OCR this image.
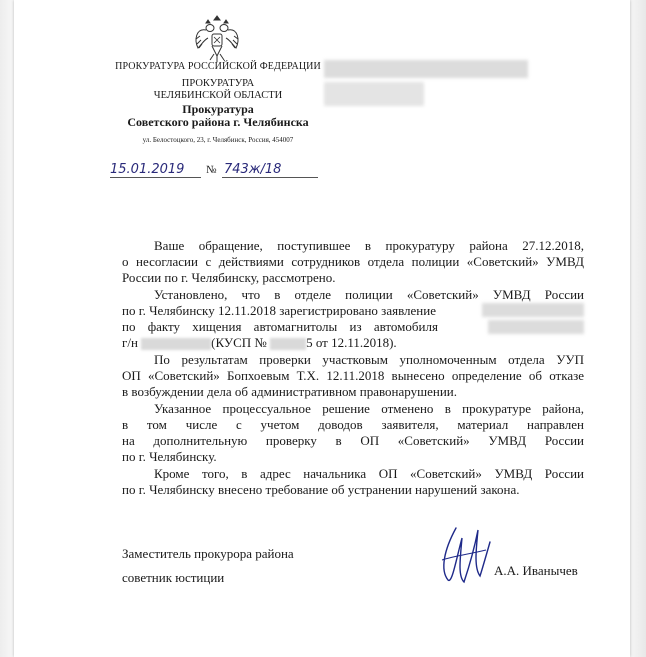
ПРОКУРАТУРА РОССИЙСКОЙ ФЕДЕРАЦИИ
ПРОКУРАТУРА
ЧЕЛЯБИНСКОЙ ОБЛАСТИ
Прокуратура
Советского района г. Челябинска
ул. Белостоцкого, 23, г. Челябинск, Россия, 454007
15.01.2019 № 743ж/18
Ваше обращение, поступившее в прокуратуру района 27.12.2018,
о несогласии с действиями сотрудников отдела полиции «Советский» УМВД
России по г. Челябинску, рассмотрено.
Установлено, что в отделе полиции «Советский» УМВД России
по г. Челябинску 12.11.2018 зарегистрировано заявление
по факту хищения автомагнитолы из автомобиля
г/н	(КУСП №	5 от 12.11.2018).
По результатам проверки участковым уполномоченным отдела УУП
ОП «Советский» Бопхоевым Т.Х. 12.11.2018 вынесено определение об отказе
в возбуждении дела об административном правонарушении.
Указанное процессуальное решение отменено в прокуратуре района,
в том числе с учетом доводов заявителя, материал направлен
на дополнительную проверку в ОП «Советский» УМВД России
по г. Челябинску.
Кроме того, в адрес начальника ОП «Советский» УМВД России
по г. Челябинску внесено требование об устранении нарушений закона.
Заместитель прокурора района
советник юстиции	А.А. Иванычев
